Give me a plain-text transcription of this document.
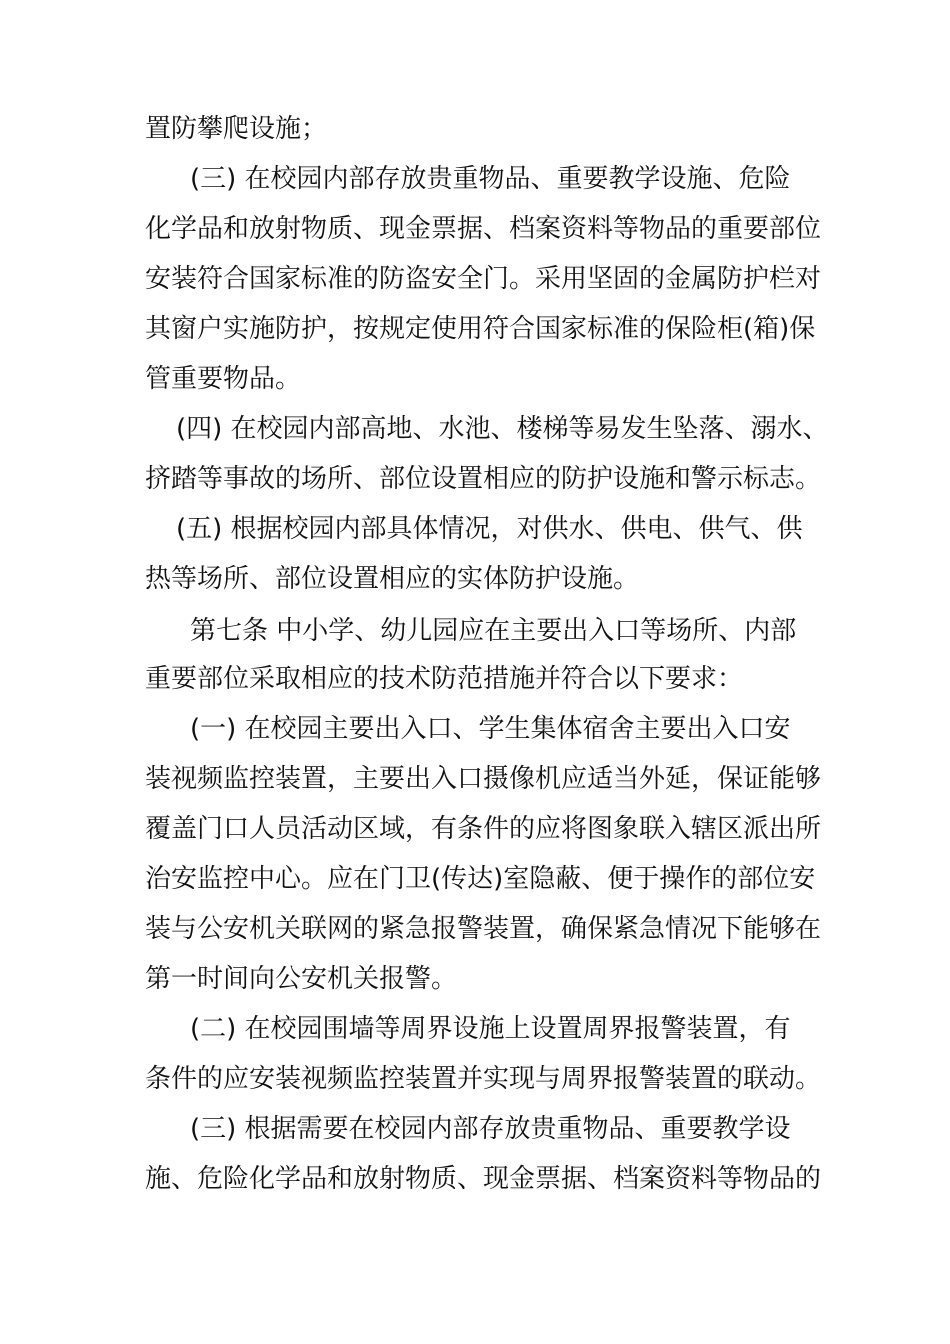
置防攀爬设施；
(三) 在校园内部存放贵重物品、重要教学设施、危险
化学品和放射物质、现金票据、档案资料等物品的重要部位
安装符合国家标准的防盗安全门。采用坚固的金属防护栏对
其窗户实施防护，按规定使用符合国家标准的保险柜(箱)保
管重要物品。
(四) 在校园内部高地、水池、楼梯等易发生坠落、溺水、
挤踏等事故的场所、部位设置相应的防护设施和警示标志。
(五) 根据校园内部具体情况，对供水、供电、供气、供
热等场所、部位设置相应的实体防护设施。
第七条 中小学、幼儿园应在主要出入口等场所、内部
重要部位采取相应的技术防范措施并符合以下要求：
(一) 在校园主要出入口、学生集体宿舍主要出入口安
装视频监控装置，主要出入口摄像机应适当外延，保证能够
覆盖门口人员活动区域，有条件的应将图象联入辖区派出所
治安监控中心。应在门卫(传达)室隐蔽、便于操作的部位安
装与公安机关联网的紧急报警装置，确保紧急情况下能够在
第一时间向公安机关报警。
(二) 在校园围墙等周界设施上设置周界报警装置，有
条件的应安装视频监控装置并实现与周界报警装置的联动。
(三) 根据需要在校园内部存放贵重物品、重要教学设
施、危险化学品和放射物质、现金票据、档案资料等物品的
